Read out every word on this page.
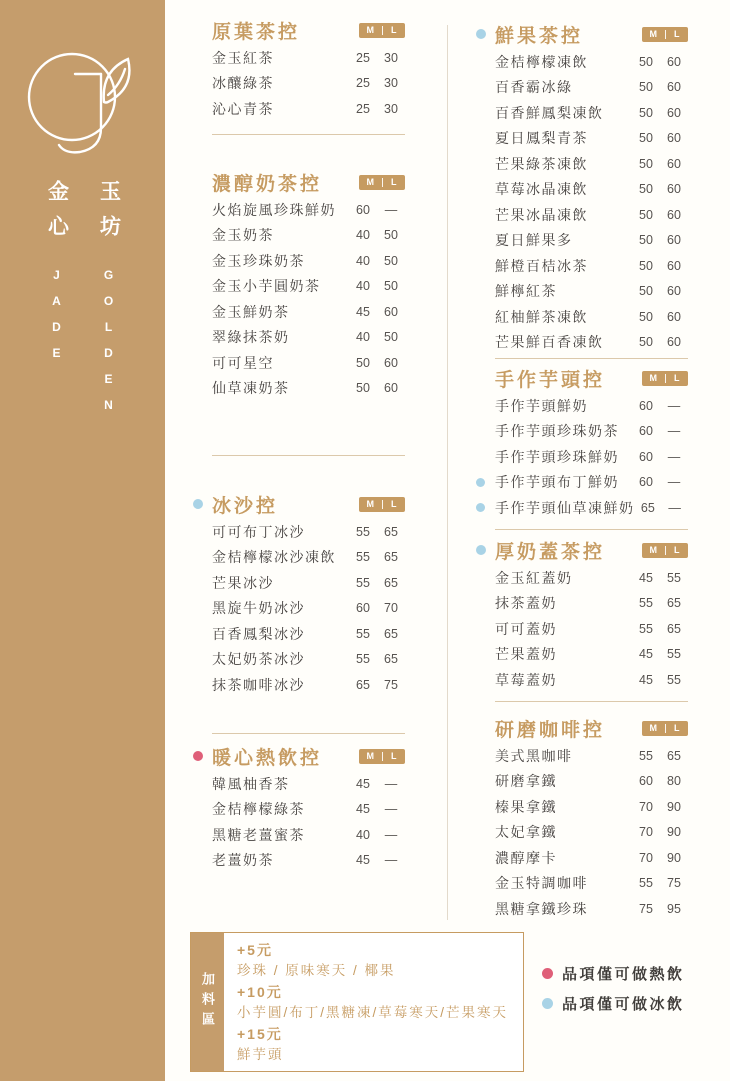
金心
JADE
玉坊
GOLDEN
原葉茶控	M	L
金玉紅茶	25	30
冰釀綠茶	25	30
沁心青茶	25	30
濃醇奶茶控	M	L
火焰旋風珍珠鮮奶	60	—
金玉奶茶	40	50
金玉珍珠奶茶	40	50
金玉小芋圓奶茶	40	50
金玉鮮奶茶	45	60
翠綠抹茶奶	40	50
可可星空	50	60
仙草凍奶茶	50	60
冰沙控	M	L
可可布丁冰沙	55	65
金桔檸檬冰沙凍飲	55	65
芒果冰沙	55	65
黑旋牛奶冰沙	60	70
百香鳳梨冰沙	55	65
太妃奶茶冰沙	55	65
抹茶咖啡冰沙	65	75
暖心熱飲控	M	L
韓風柚香茶	45	—
金桔檸檬綠茶	45	—
黑糖老薑蜜茶	40	—
老薑奶茶	45	—
鮮果茶控	M	L
金桔檸檬凍飲	50	60
百香霸冰綠	50	60
百香鮮鳳梨凍飲	50	60
夏日鳳梨青茶	50	60
芒果綠茶凍飲	50	60
草莓冰晶凍飲	50	60
芒果冰晶凍飲	50	60
夏日鮮果多	50	60
鮮橙百桔冰茶	50	60
鮮檸紅茶	50	60
紅柚鮮茶凍飲	50	60
芒果鮮百香凍飲	50	60
手作芋頭控	M	L
手作芋頭鮮奶	60	—
手作芋頭珍珠奶茶	60	—
手作芋頭珍珠鮮奶	60	—
手作芋頭布丁鮮奶	60	—
手作芋頭仙草凍鮮奶 65	—
厚奶蓋茶控	M	L
金玉紅蓋奶	45	55
抹茶蓋奶	55	65
可可蓋奶	55	65
芒果蓋奶	45	55
草莓蓋奶	45	55
研磨咖啡控	M	L
美式黑咖啡	55	65
研磨拿鐵	60	80
榛果拿鐵	70	90
太妃拿鐵	70	90
濃醇摩卡	70	90
金玉特調咖啡	55	75
黑糖拿鐵珍珠	75	95
加料區
+5元
珍珠 / 原味寒天 / 椰果
+10元
小芋圓/布丁/黑糖凍/草莓寒天/芒果寒天
+15元
鮮芋頭
品項僅可做熱飲
品項僅可做冰飲
